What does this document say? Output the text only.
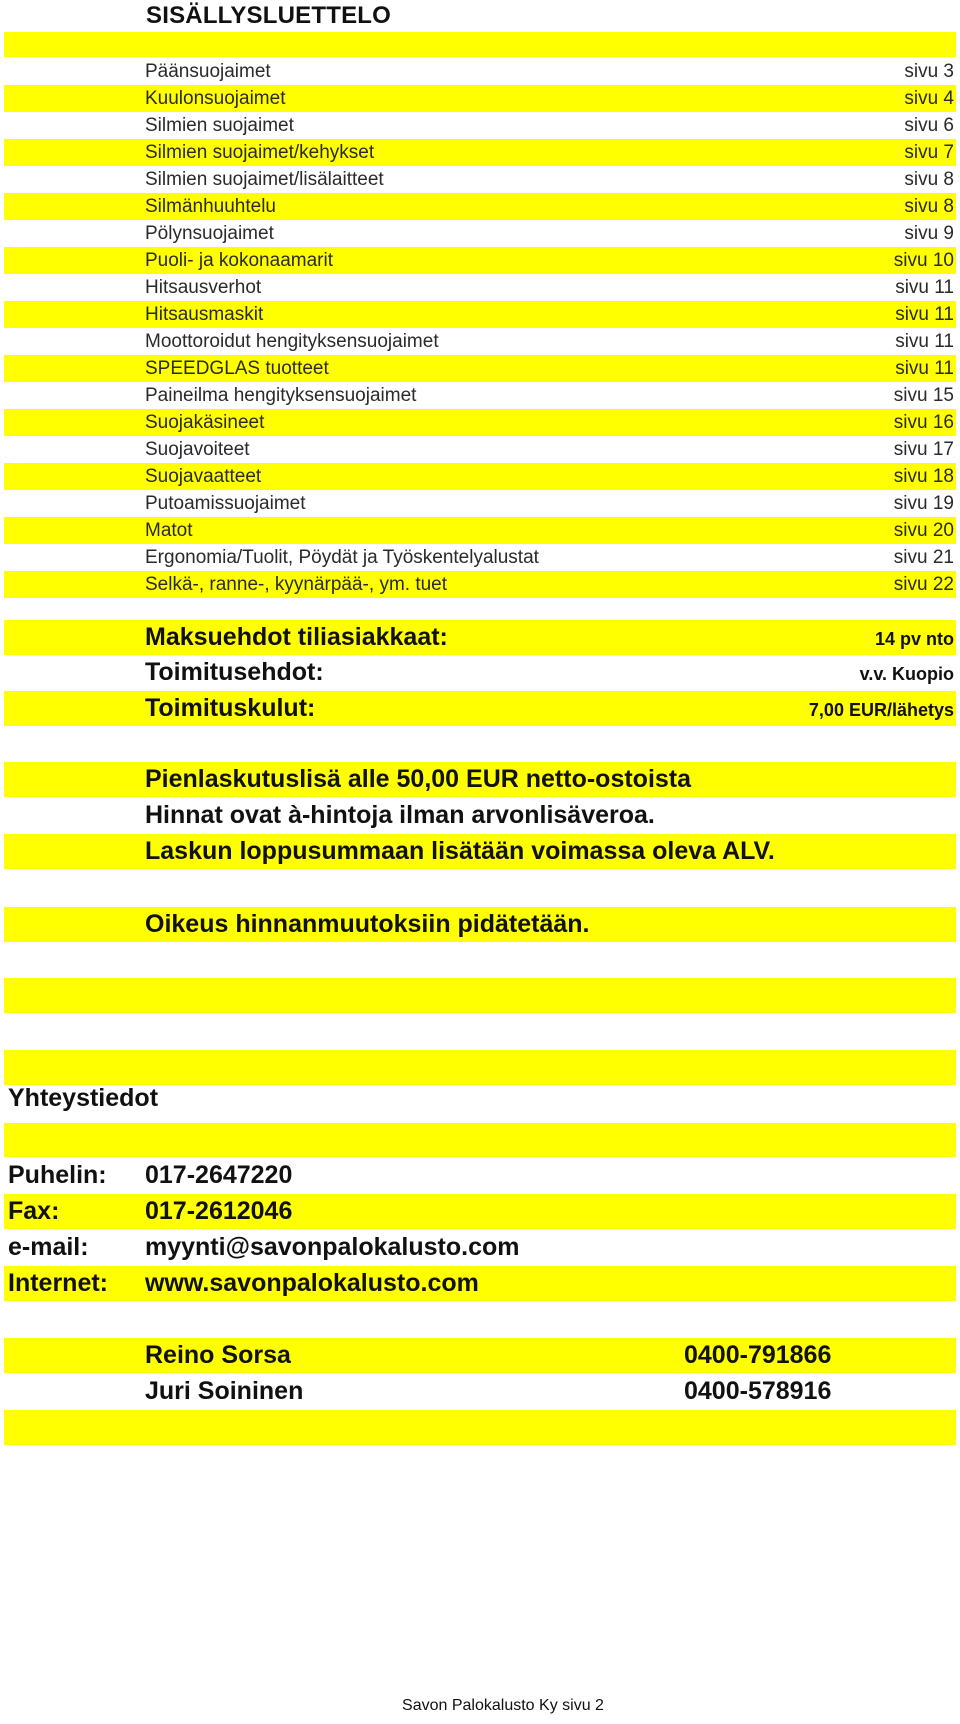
SISÄLLYSLUETTELO
Päänsuojaimet	sivu 3
Kuulonsuojaimet	sivu 4
Silmien suojaimet	sivu 6
Silmien suojaimet/kehykset	sivu 7
Silmien suojaimet/lisälaitteet	sivu 8
Silmänhuuhtelu	sivu 8
Pölynsuojaimet	sivu 9
Puoli- ja kokonaamarit	sivu 10
Hitsausverhot	sivu 11
Hitsausmaskit	sivu 11
Moottoroidut hengityksensuojaimet	sivu 11
SPEEDGLAS tuotteet	sivu 11
Paineilma hengityksensuojaimet	sivu 15
Suojakäsineet	sivu 16
Suojavoiteet	sivu 17
Suojavaatteet	sivu 18
Putoamissuojaimet	sivu 19
Matot	sivu 20
Ergonomia/Tuolit, Pöydät ja Työskentelyalustat	sivu 21
Selkä-, ranne-, kyynärpää-, ym. tuet	sivu 22
Maksuehdot tiliasiakkaat:	14 pv nto
Toimitusehdot:	v.v. Kuopio
Toimituskulut:	7,00 EUR/lähetys
Pienlaskutuslisä alle 50,00 EUR netto-ostoista
Hinnat ovat à-hintoja ilman arvonlisäveroa.
Laskun loppusummaan lisätään voimassa oleva ALV.
Oikeus hinnanmuutoksiin pidätetään.
Yhteystiedot
Puhelin: 017-2647220
Fax:	017-2612046
e-mail: myynti@savonpalokalusto.com
Internet: www.savonpalokalusto.com
Reino Sorsa	0400-791866
Juri Soininen	0400-578916
Savon Palokalusto Ky sivu 2
